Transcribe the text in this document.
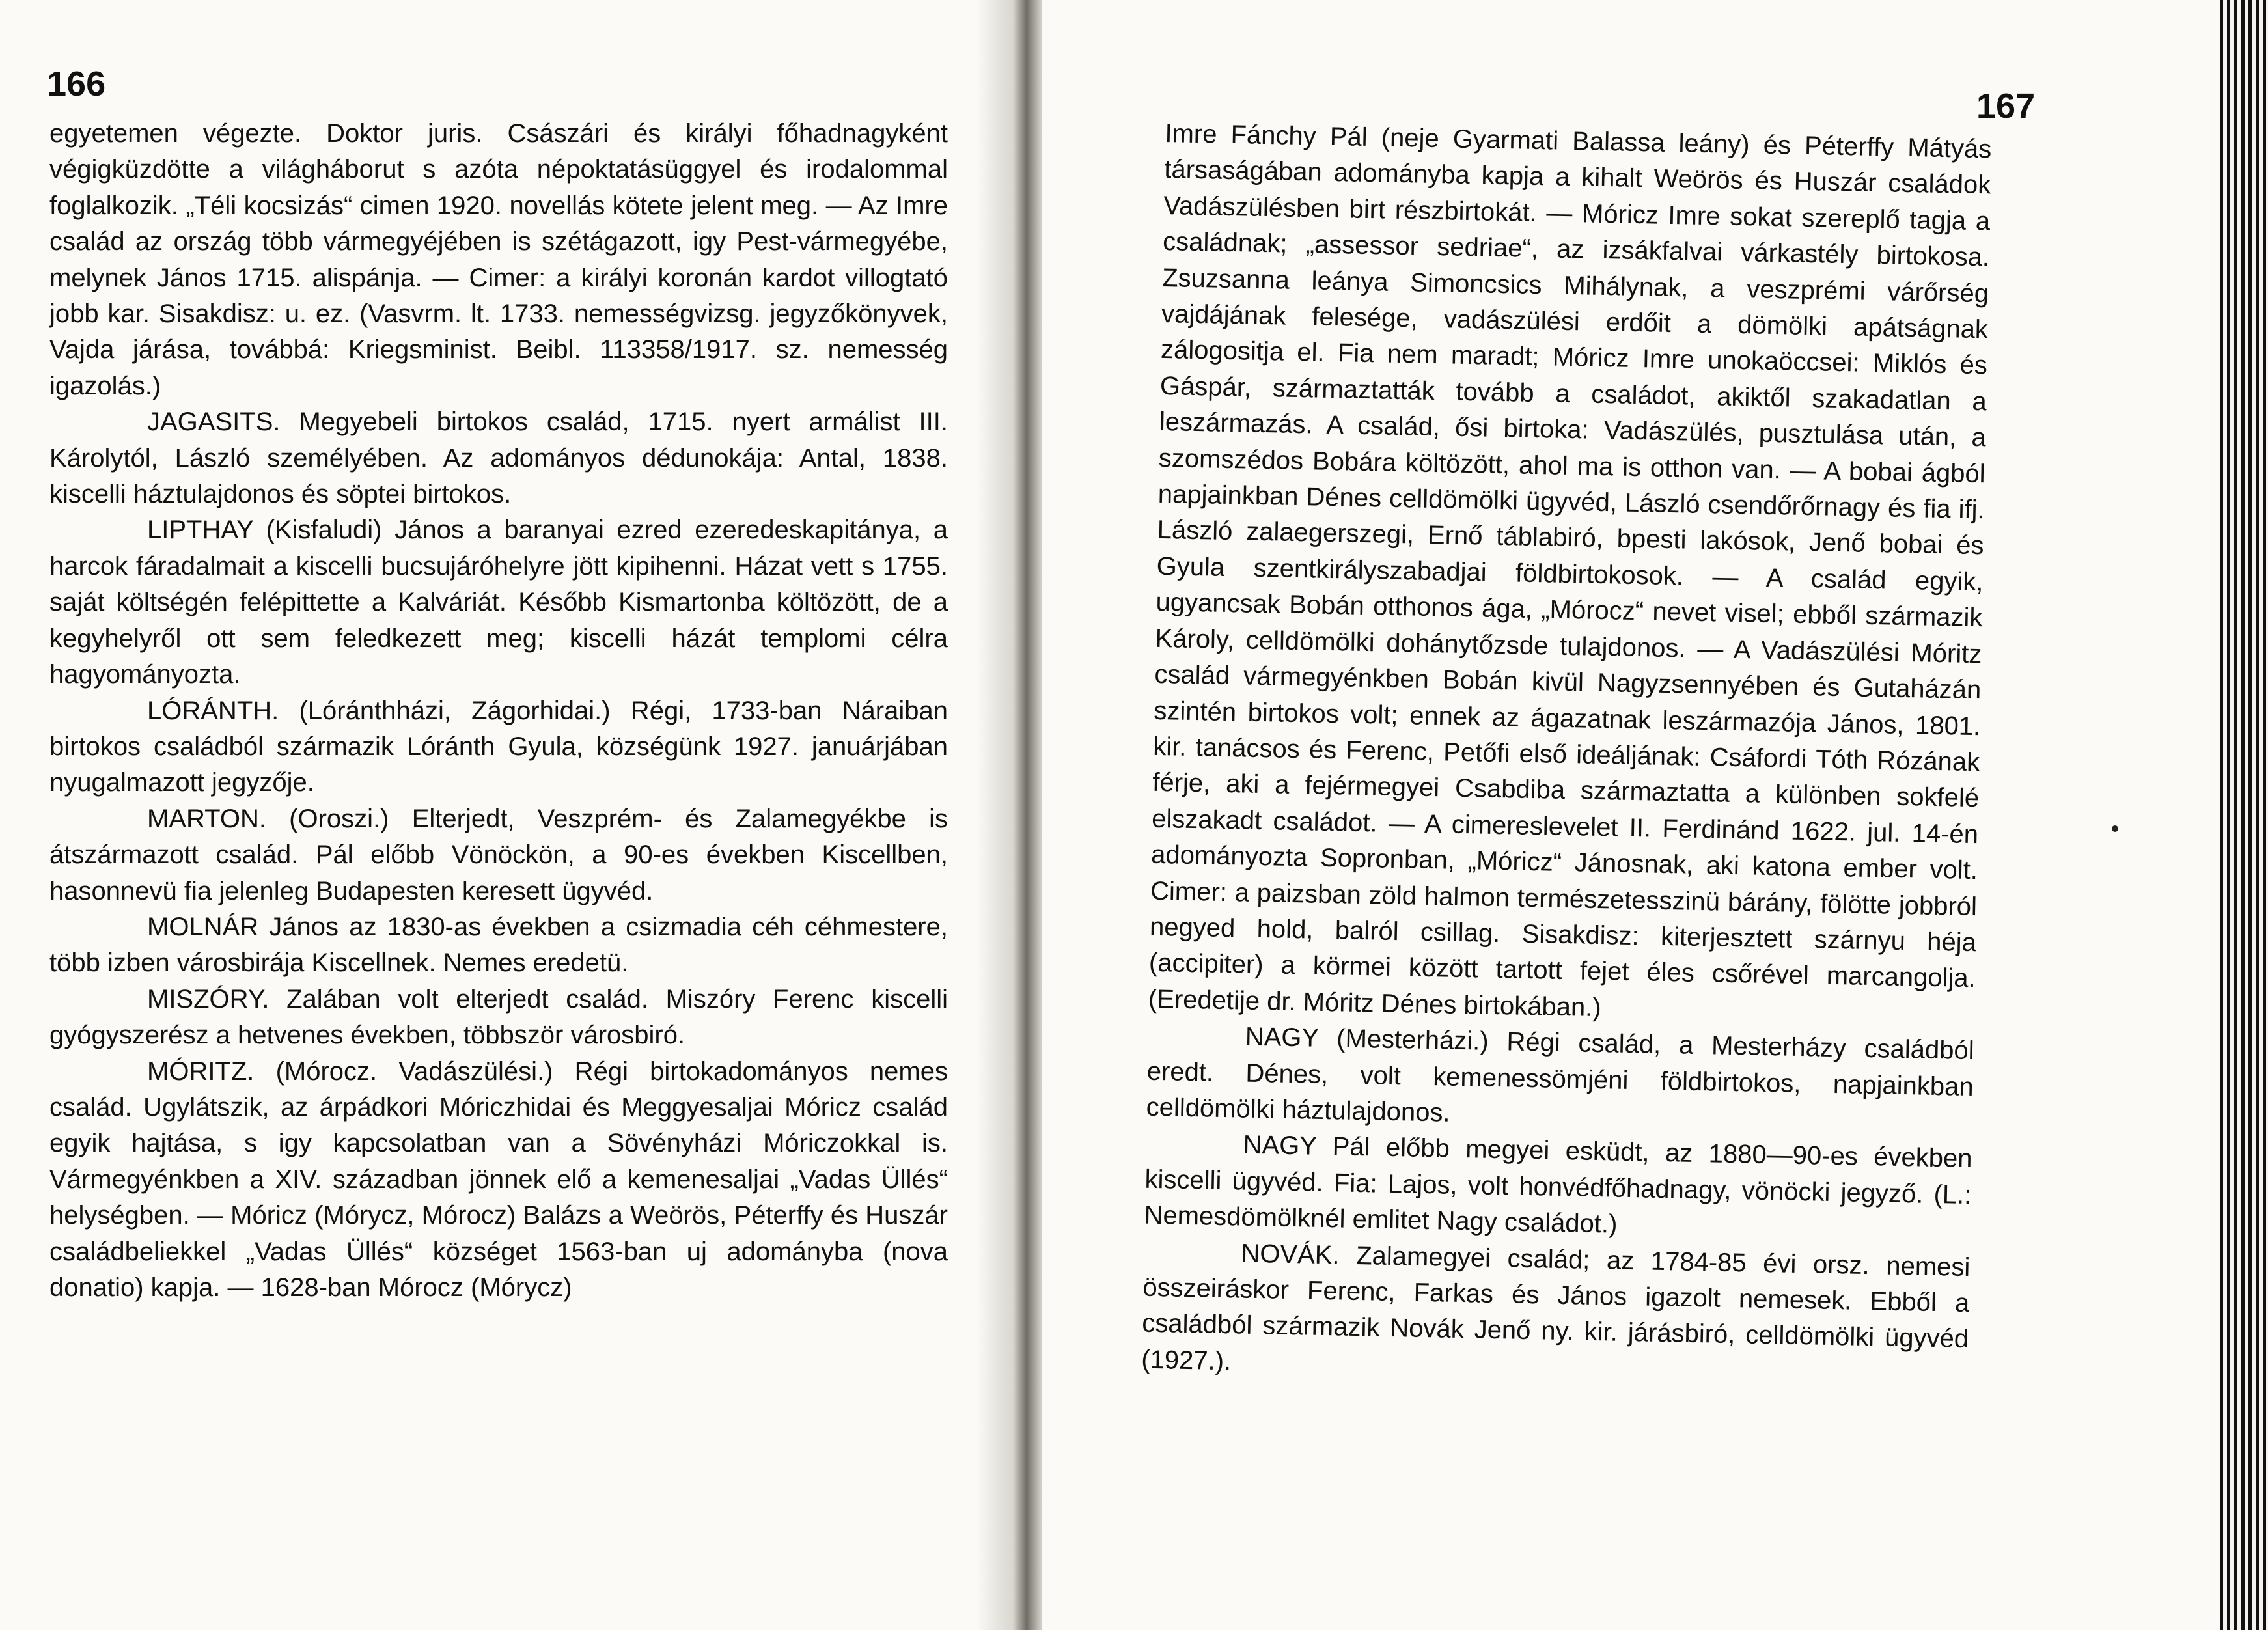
166

egyetemen végezte. Doktor juris. Császári és királyi főhadnagyként végigküzdötte a világháborut s azóta népoktatásüggyel és irodalommal foglalkozik. „Téli kocsizás“ cimen 1920. novellás kötete jelent meg. — Az Imre család az ország több vármegyéjében is szétágazott, igy Pest-vármegyébe, melynek János 1715. alispánja. — Cimer: a királyi koronán kardot villogtató jobb kar. Sisakdisz: u. ez. (Vasvrm. lt. 1733. nemességvizsg. jegyzőkönyvek, Vajda járása, továbbá: Kriegsminist. Beibl. 113358/1917. sz. nemesség igazolás.)

JAGASITS. Megyebeli birtokos család, 1715. nyert armálist III. Károlytól, László személyében. Az adományos dédunokája: Antal, 1838. kiscelli háztulajdonos és söptei birtokos.

LIPTHAY (Kisfaludi) János a baranyai ezred ezeredeskapitánya, a harcok fáradalmait a kiscelli bucsujáróhelyre jött kipihenni. Házat vett s 1755. saját költségén felépittette a Kalváriát. Később Kismartonba költözött, de a kegyhelyről ott sem feledkezett meg; kiscelli házát templomi célra hagyományozta.

LÓRÁNTH. (Lóránthházi, Zágorhidai.) Régi, 1733-ban Náraiban birtokos családból származik Lóránth Gyula, községünk 1927. januárjában nyugalmazott jegyzője.

MARTON. (Oroszi.) Elterjedt, Veszprém- és Zalamegyékbe is átszármazott család. Pál előbb Vönöckön, a 90-es években Kiscellben, hasonnevü fia jelenleg Budapesten keresett ügyvéd.

MOLNÁR János az 1830-as években a csizmadia céh céhmestere, több izben városbirája Kiscellnek. Nemes eredetü.

MISZÓRY. Zalában volt elterjedt család. Miszóry Ferenc kiscelli gyógyszerész a hetvenes években, többször városbiró.

MÓRITZ. (Mórocz. Vadászülési.) Régi birtokadományos nemes család. Ugylátszik, az árpádkori Móriczhidai és Meggyesaljai Móricz család egyik hajtása, s igy kapcsolatban van a Sövényházi Móriczokkal is. Vármegyénkben a XIV. században jönnek elő a kemenesaljai „Vadas Üllés“ helységben. — Móricz (Mórycz, Mórocz) Balázs a Weörös, Péterffy és Huszár családbeliekkel „Vadas Üllés“ községet 1563-ban uj adományba (nova donatio) kapja. — 1628-ban Mórocz (Mórycz)

167

Imre Fánchy Pál (neje Gyarmati Balassa leány) és Péterffy Mátyás társaságában adományba kapja a kihalt Weörös és Huszár családok Vadászülésben birt részbirtokát. — Móricz Imre sokat szereplő tagja a családnak; „assessor sedriae“, az izsákfalvai várkastély birtokosa. Zsuzsanna leánya Simoncsics Mihálynak, a veszprémi várőrség vajdájának felesége, vadászülési erdőit a dömölki apátságnak zálogositja el. Fia nem maradt; Móricz Imre unokaöccsei: Miklós és Gáspár, származtatták tovább a családot, akiktől szakadatlan a leszármazás. A család, ősi birtoka: Vadászülés, pusztulása után, a szomszédos Bobára költözött, ahol ma is otthon van. — A bobai ágból napjainkban Dénes celldömölki ügyvéd, László csendőrőrnagy és fia ifj. László zalaegerszegi, Ernő táblabiró, bpesti lakósok, Jenő bobai és Gyula szentkirályszabadjai földbirtokosok. — A család egyik, ugyancsak Bobán otthonos ága, „Mórocz“ nevet visel; ebből származik Károly, celldömölki dohánytőzsde tulajdonos. — A Vadászülési Móritz család vármegyénkben Bobán kivül Nagyzsennyében és Gutaházán szintén birtokos volt; ennek az ágazatnak leszármazója János, 1801. kir. tanácsos és Ferenc, Petőfi első ideáljának: Csáfordi Tóth Rózának férje, aki a fejérmegyei Csabdiba származtatta a különben sokfelé elszakadt családot. — A cimereslevelet II. Ferdinánd 1622. jul. 14-én adományozta Sopronban, „Móricz“ Jánosnak, aki katona ember volt. Cimer: a paizsban zöld halmon természetesszinü bárány, fölötte jobbról negyed hold, balról csillag. Sisakdisz: kiterjesztett szárnyu héja (accipiter) a körmei között tartott fejet éles csőrével marcangolja. (Eredetije dr. Móritz Dénes birtokában.)

NAGY (Mesterházi.) Régi család, a Mesterházy családból eredt. Dénes, volt kemenessömjéni földbirtokos, napjainkban celldömölki háztulajdonos.

NAGY Pál előbb megyei esküdt, az 1880—90-es években kiscelli ügyvéd. Fia: Lajos, volt honvédfőhadnagy, vönöcki jegyző. (L.: Nemesdömölknél emlitet Nagy családot.)

NOVÁK. Zalamegyei család; az 1784-85 évi orsz. nemesi összeiráskor Ferenc, Farkas és János igazolt nemesek. Ebből a családból származik Novák Jenő ny. kir. járásbiró, celldömölki ügyvéd (1927.).
